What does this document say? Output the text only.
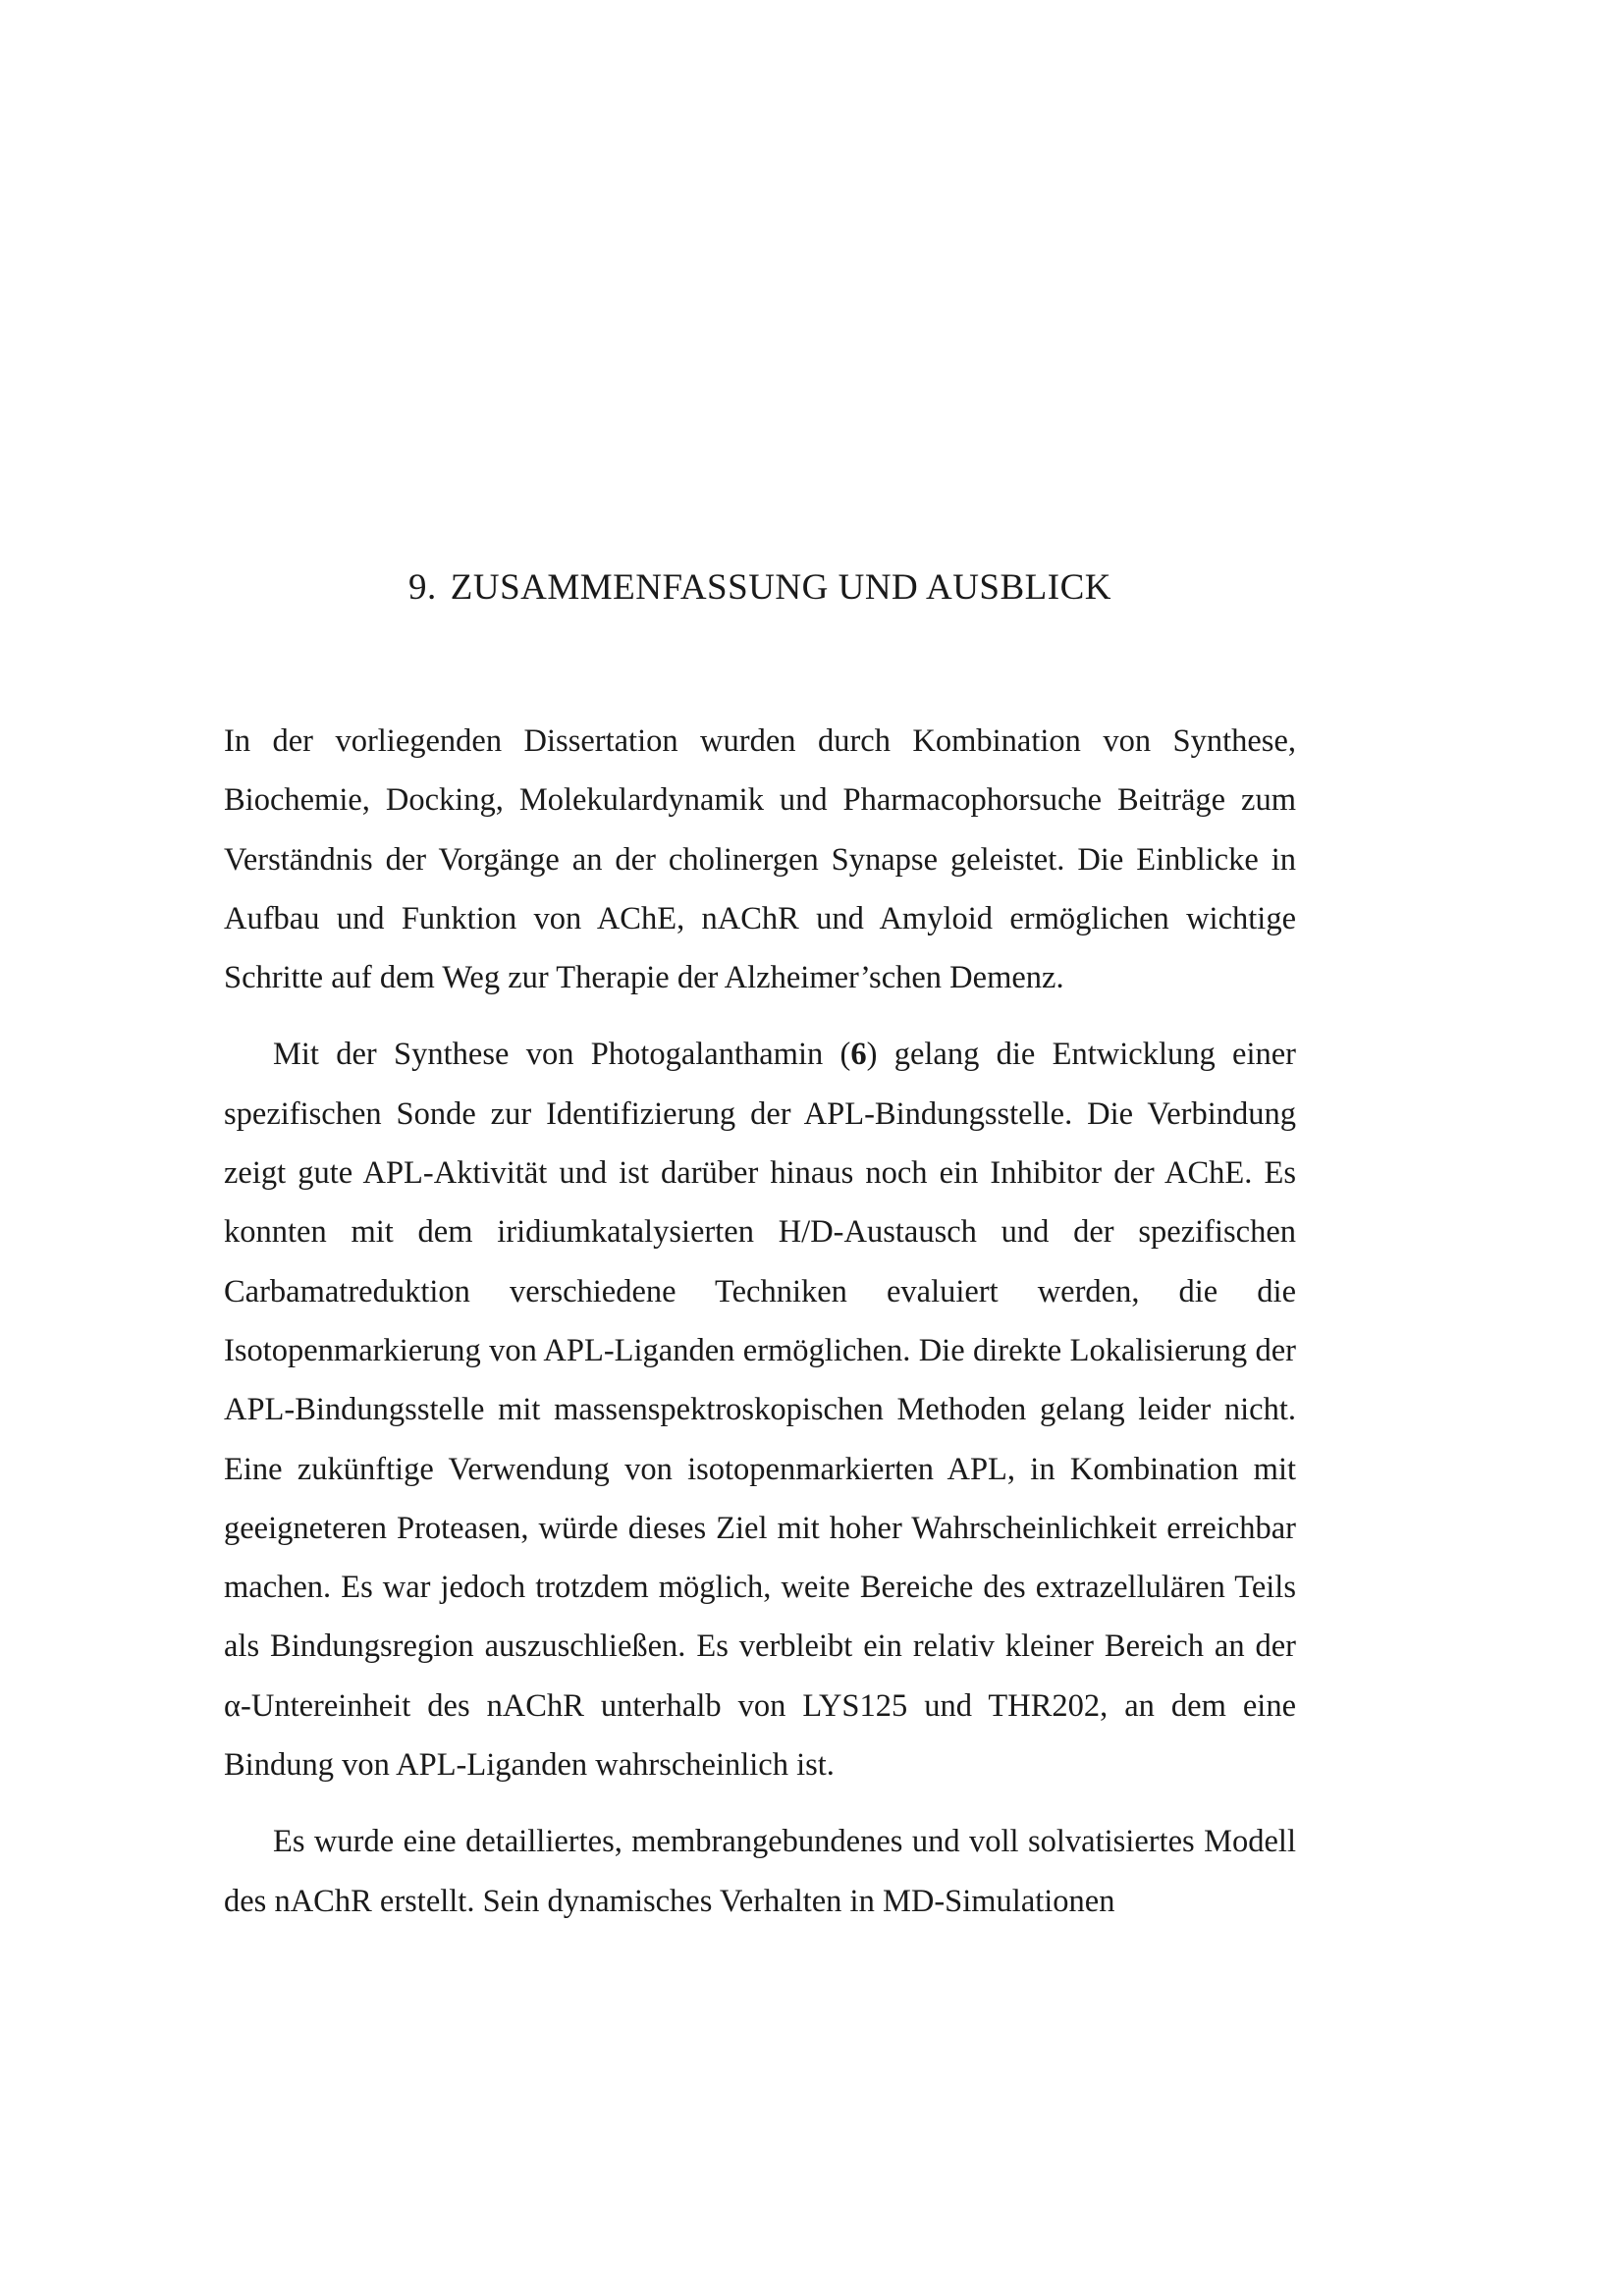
9. ZUSAMMENFASSUNG UND AUSBLICK

In der vorliegenden Dissertation wurden durch Kombination von Synthese, Biochemie, Docking, Molekulardynamik und Pharmacophorsuche Beiträge zum Verständnis der Vorgänge an der cholinergen Synapse geleistet. Die Einblicke in Aufbau und Funktion von AChE, nAChR und Amyloid ermöglichen wichtige Schritte auf dem Weg zur Therapie der Alzheimer’schen Demenz.

Mit der Synthese von Photogalanthamin (6) gelang die Entwicklung einer spezifischen Sonde zur Identifizierung der APL-Bindungsstelle. Die Verbindung zeigt gute APL-Aktivität und ist darüber hinaus noch ein Inhibitor der AChE. Es konnten mit dem iridiumkatalysierten H/D-Austausch und der spezifischen Carbamatreduktion verschiedene Techniken evaluiert werden, die die Isotopenmarkierung von APL-Liganden ermöglichen. Die direkte Lokalisierung der APL-Bindungsstelle mit massenspektroskopischen Methoden gelang leider nicht. Eine zukünftige Verwendung von isotopenmarkierten APL, in Kombination mit geeigneteren Proteasen, würde dieses Ziel mit hoher Wahrscheinlichkeit erreichbar machen. Es war jedoch trotzdem möglich, weite Bereiche des extrazellulären Teils als Bindungsregion auszuschließen. Es verbleibt ein relativ kleiner Bereich an der α-Untereinheit des nAChR unterhalb von LYS125 und THR202, an dem eine Bindung von APL-Liganden wahrscheinlich ist.

Es wurde eine detailliertes, membrangebundenes und voll solvatisiertes Modell des nAChR erstellt. Sein dynamisches Verhalten in MD-Simulationen
